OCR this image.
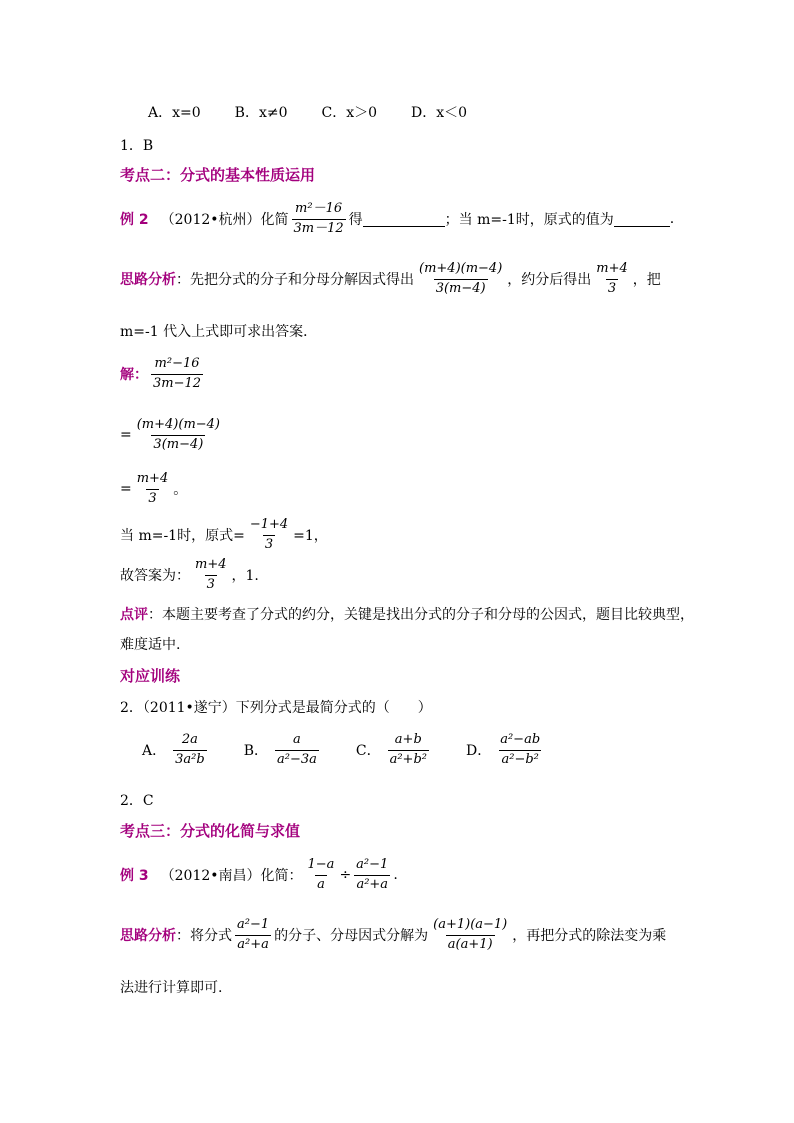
A．x=0 B．x≠0 C．x＞0 D．x＜0
1．B
考点二：分式的基本性质运用
例 2 （2012•杭州）化简 $\frac{\text{m²－16}}{3m-12}$ 得	；当 m=-1时，原式的值为	.
思路分析 ：先把分式的分子和分母分解因式得出 $\frac{(m+4)(m-4)}{3(m-4)}$ ，约分后得出 $\frac{m+4}{3}$ ，把
m=-1 代入上式即可求出答案．
解 ： $\frac{\text{m²−16}}{3m-12}$
= $\frac{(m+4)(m-4)}{3(m-4)}$
= $\frac{m+4}{3}$ 。
当 m=-1时，原式= $\frac{-1+4}{3} =1$，
故答案为： $\frac{m+4}{3}$ ，1.
点评 ：本题主要考查了分式的约分，关键是找出分式的分子和分母的公因式，题目比较典型，
难度适中.
对应训练
2．（2011•遂宁）下列分式是最简分式的（　　）
A． $\frac{2a}{\text{3a²b}}$	B． $\frac{a}{\text{a²−3a}}$	C． $\frac{a+b}{\text{a²+b²}}$	D． $\frac{\text{a²−ab}}{\text{a²−b²}}$
2．C
考点三：分式的化简与求值
例 3 （2012•南昌）化简： $\frac{1-a}{a} \div \frac{\text{a²−1}}{\text{a²+a}}$ .
思路分析 ：将分式 $\frac{\text{a²−1}}{\text{a²+a}}$ 的分子、分母因式分解为 $\frac{(a+1)(a-1)}{a(a+1)}$ ，再把分式的除法变为乘
法进行计算即可.
